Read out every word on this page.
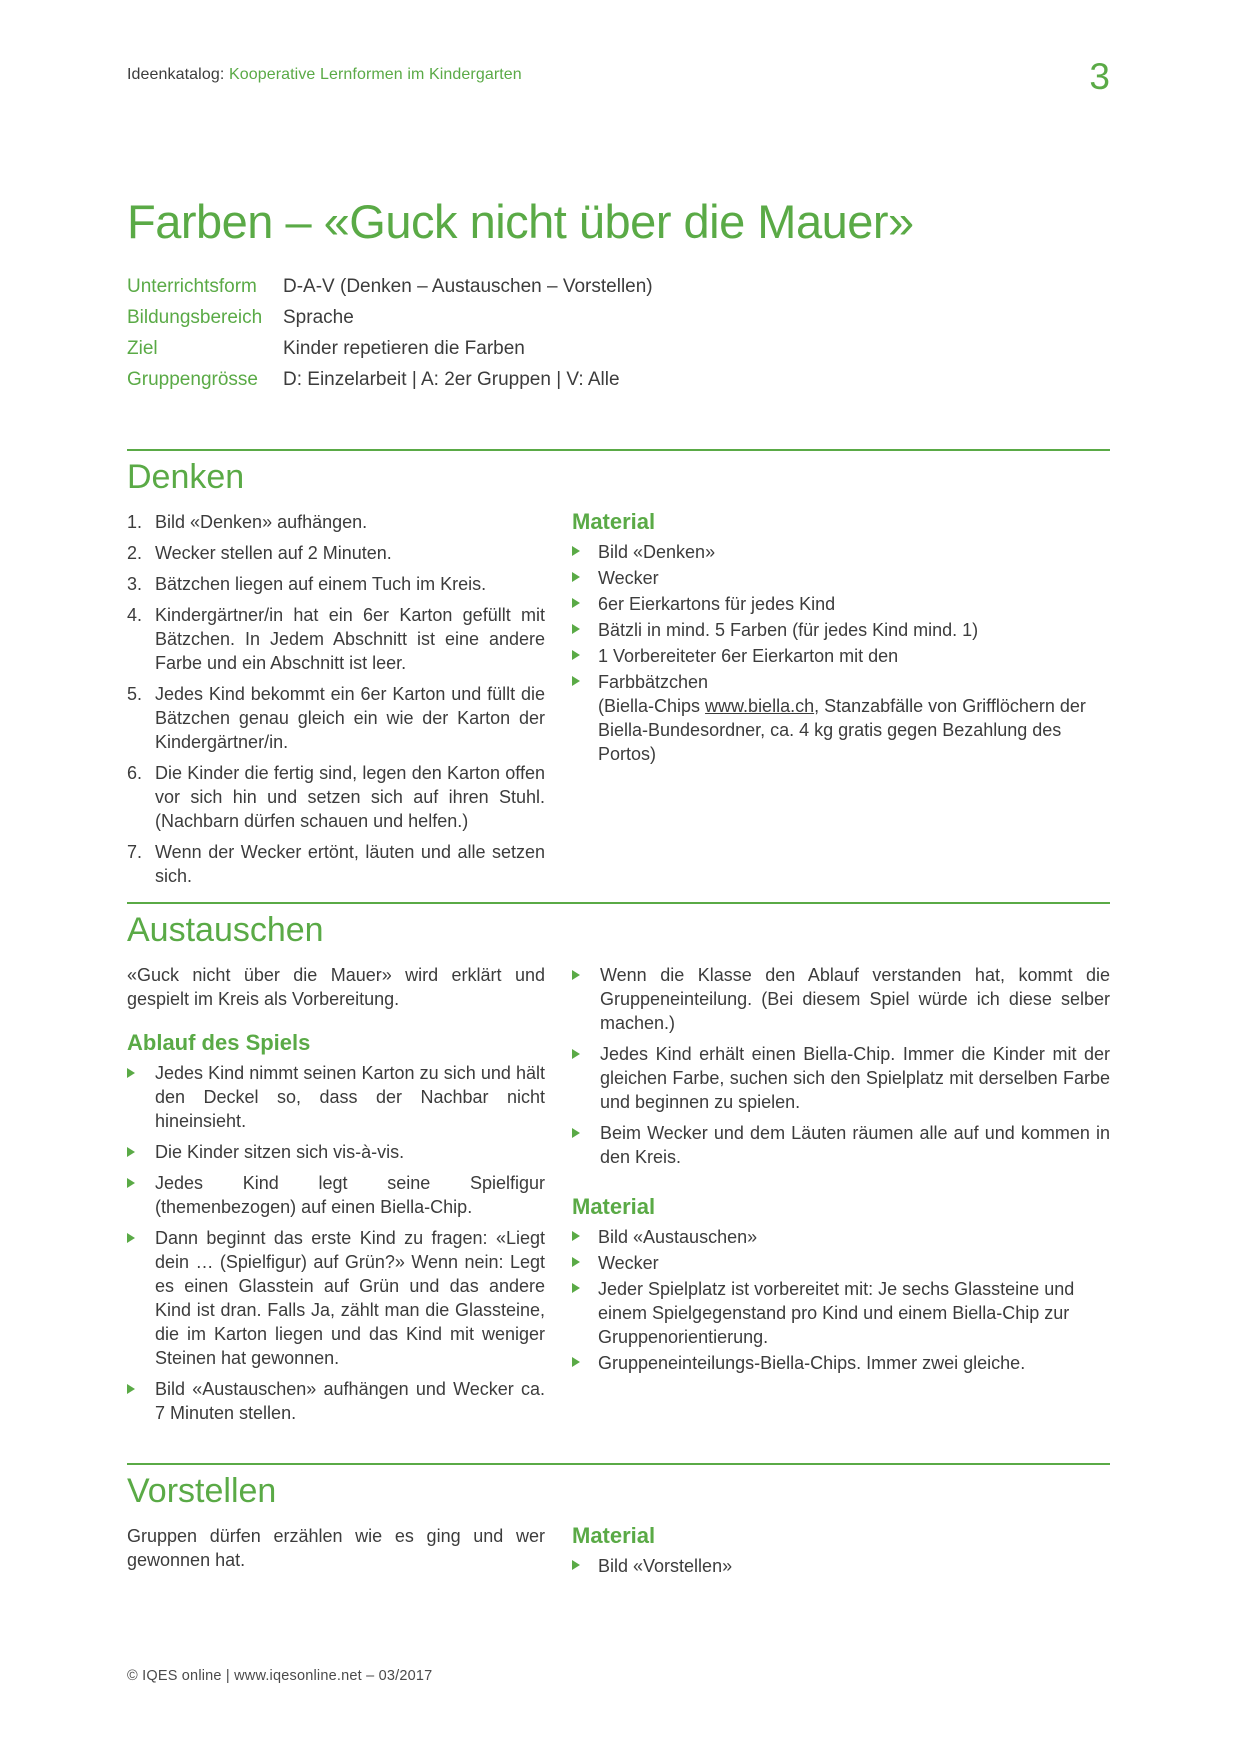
Ideenkatalog: Kooperative Lernformen im Kindergarten	3
Farben – «Guck nicht über die Mauer»
Unterrichtsform	D-A-V (Denken – Austauschen – Vorstellen)
Bildungsbereich	Sprache
Ziel	Kinder repetieren die Farben
Gruppengrösse	D: Einzelarbeit | A: 2er Gruppen | V: Alle
Denken
Bild «Denken» aufhängen.
Wecker stellen auf 2 Minuten.
Bätzchen liegen auf einem Tuch im Kreis.
Kindergärtner/in hat ein 6er Karton gefüllt mit Bätzchen. In Jedem Abschnitt ist eine andere Farbe und ein Abschnitt ist leer.
Jedes Kind bekommt ein 6er Karton und füllt die Bätzchen genau gleich ein wie der Karton der Kindergärtner/in.
Die Kinder die fertig sind, legen den Karton offen vor sich hin und setzen sich auf ihren Stuhl. (Nachbarn dürfen schauen und helfen.)
Wenn der Wecker ertönt, läuten und alle setzen sich.
Material
Bild «Denken»
Wecker
6er Eierkartons für jedes Kind
Bätzli in mind. 5 Farben (für jedes Kind mind. 1)
1 Vorbereiteter 6er Eierkarton mit den
Farbbätzchen
(Biella-Chips www.biella.ch, Stanzabfälle von Grifflöchern der Biella-Bundesordner, ca. 4 kg gratis gegen Bezahlung des Portos)
Austauschen

«Guck nicht über die Mauer» wird erklärt und gespielt im Kreis als Vorbereitung.

Ablauf des Spiels
Jedes Kind nimmt seinen Karton zu sich und hält den Deckel so, dass der Nachbar nicht hineinsieht.
Die Kinder sitzen sich vis-à-vis.
Jedes Kind legt seine Spielfigur (themenbezogen) auf einen Biella-Chip.
Dann beginnt das erste Kind zu fragen: «Liegt dein … (Spielfigur) auf Grün?» Wenn nein: Legt es einen Glasstein auf Grün und das andere Kind ist dran. Falls Ja, zählt man die Glassteine, die im Karton liegen und das Kind mit weniger Steinen hat gewonnen.
Bild «Austauschen» aufhängen und Wecker ca. 7 Minuten stellen.
Wenn die Klasse den Ablauf verstanden hat, kommt die Gruppeneinteilung. (Bei diesem Spiel würde ich diese selber machen.)
Jedes Kind erhält einen Biella-Chip. Immer die Kinder mit der gleichen Farbe, suchen sich den Spielplatz mit derselben Farbe und beginnen zu spielen.
Beim Wecker und dem Läuten räumen alle auf und kommen in den Kreis.
Material
Bild «Austauschen»
Wecker
Jeder Spielplatz ist vorbereitet mit: Je sechs Glassteine und einem Spielgegenstand pro Kind und einem Biella-Chip zur Gruppenorientierung.
Gruppeneinteilungs-Biella-Chips. Immer zwei gleiche.
Vorstellen

Gruppen dürfen erzählen wie es ging und wer gewonnen hat.

Material
Bild «Vorstellen»
© IQES online | www.iqesonline.net – 03/2017
